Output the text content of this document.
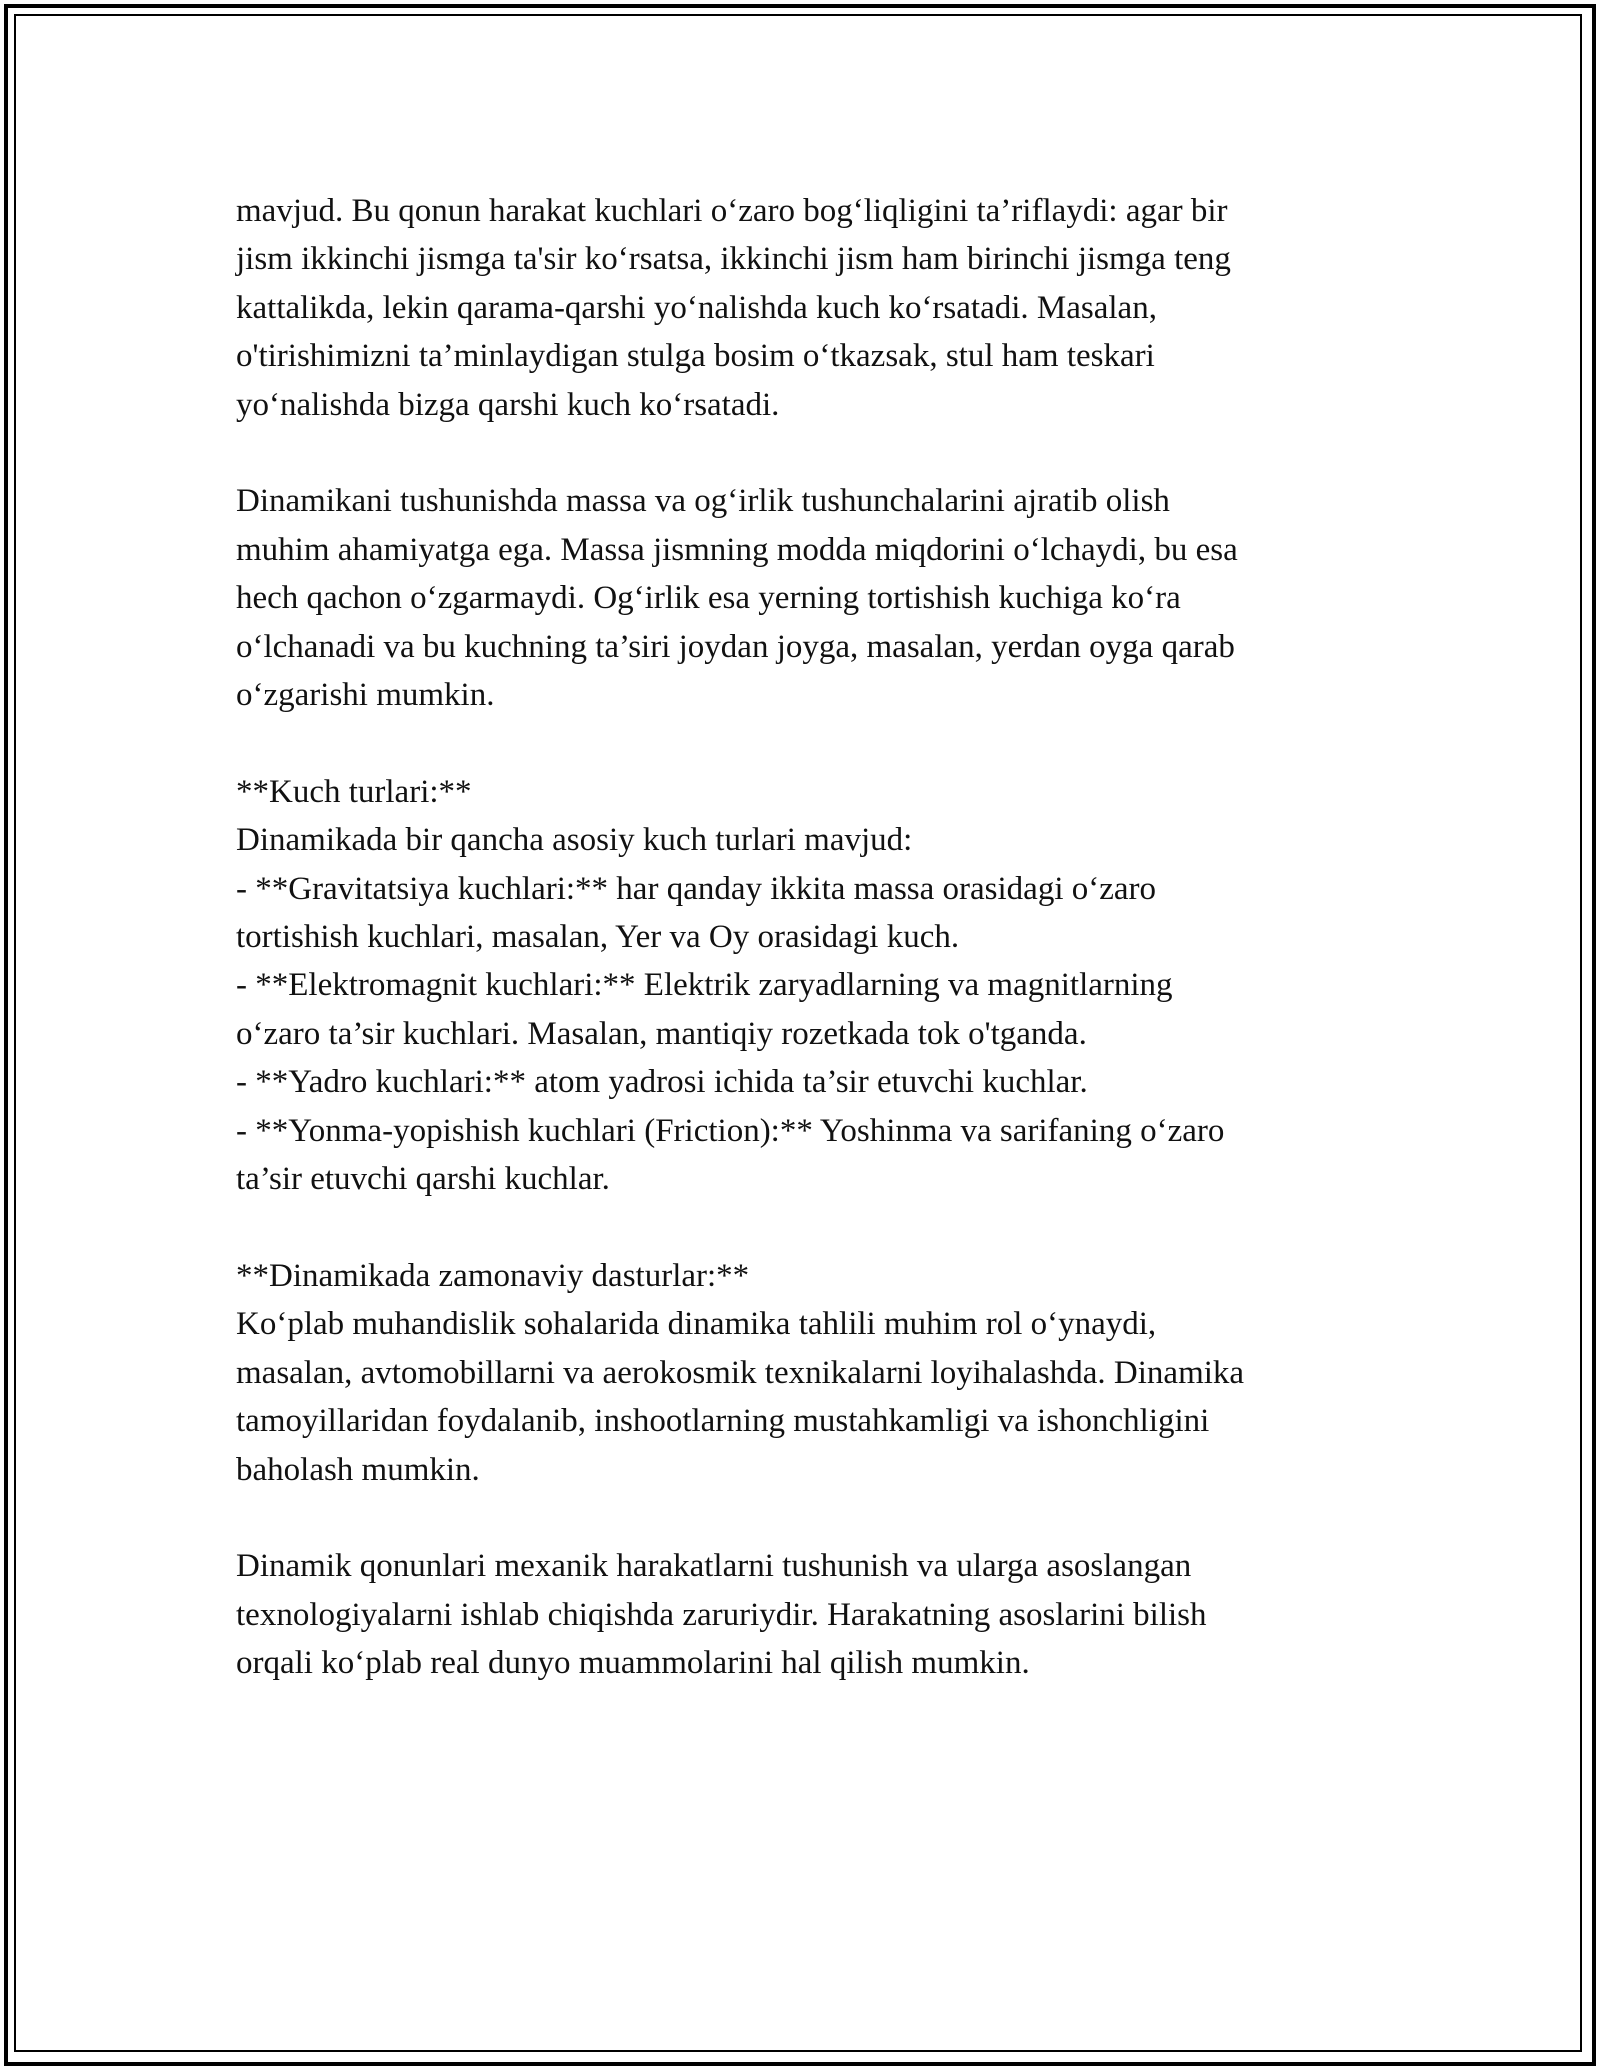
mavjud. Bu qonun harakat kuchlari o‘zaro bog‘liqligini ta’riflaydi: agar bir
jism ikkinchi jismga ta'sir ko‘rsatsa, ikkinchi jism ham birinchi jismga teng
kattalikda, lekin qarama-qarshi yo‘nalishda kuch ko‘rsatadi. Masalan,
o'tirishimizni ta’minlaydigan stulga bosim o‘tkazsak, stul ham teskari
yo‘nalishda bizga qarshi kuch ko‘rsatadi.

Dinamikani tushunishda massa va og‘irlik tushunchalarini ajratib olish
muhim ahamiyatga ega. Massa jismning modda miqdorini o‘lchaydi, bu esa
hech qachon o‘zgarmaydi. Og‘irlik esa yerning tortishish kuchiga ko‘ra
o‘lchanadi va bu kuchning ta’siri joydan joyga, masalan, yerdan oyga qarab
o‘zgarishi mumkin.

**Kuch turlari:**
Dinamikada bir qancha asosiy kuch turlari mavjud:
- **Gravitatsiya kuchlari:** har qanday ikkita massa orasidagi o‘zaro
tortishish kuchlari, masalan, Yer va Oy orasidagi kuch.
- **Elektromagnit kuchlari:** Elektrik zaryadlarning va magnitlarning
o‘zaro ta’sir kuchlari. Masalan, mantiqiy rozetkada tok o'tganda.
- **Yadro kuchlari:** atom yadrosi ichida ta’sir etuvchi kuchlar.
- **Yonma-yopishish kuchlari (Friction):** Yoshinma va sarifaning o‘zaro
ta’sir etuvchi qarshi kuchlar.

**Dinamikada zamonaviy dasturlar:**
Ko‘plab muhandislik sohalarida dinamika tahlili muhim rol o‘ynaydi,
masalan, avtomobillarni va aerokosmik texnikalarni loyihalashda. Dinamika
tamoyillaridan foydalanib, inshootlarning mustahkamligi va ishonchligini
baholash mumkin.

Dinamik qonunlari mexanik harakatlarni tushunish va ularga asoslangan
texnologiyalarni ishlab chiqishda zaruriydir. Harakatning asoslarini bilish
orqali ko‘plab real dunyo muammolarini hal qilish mumkin.
